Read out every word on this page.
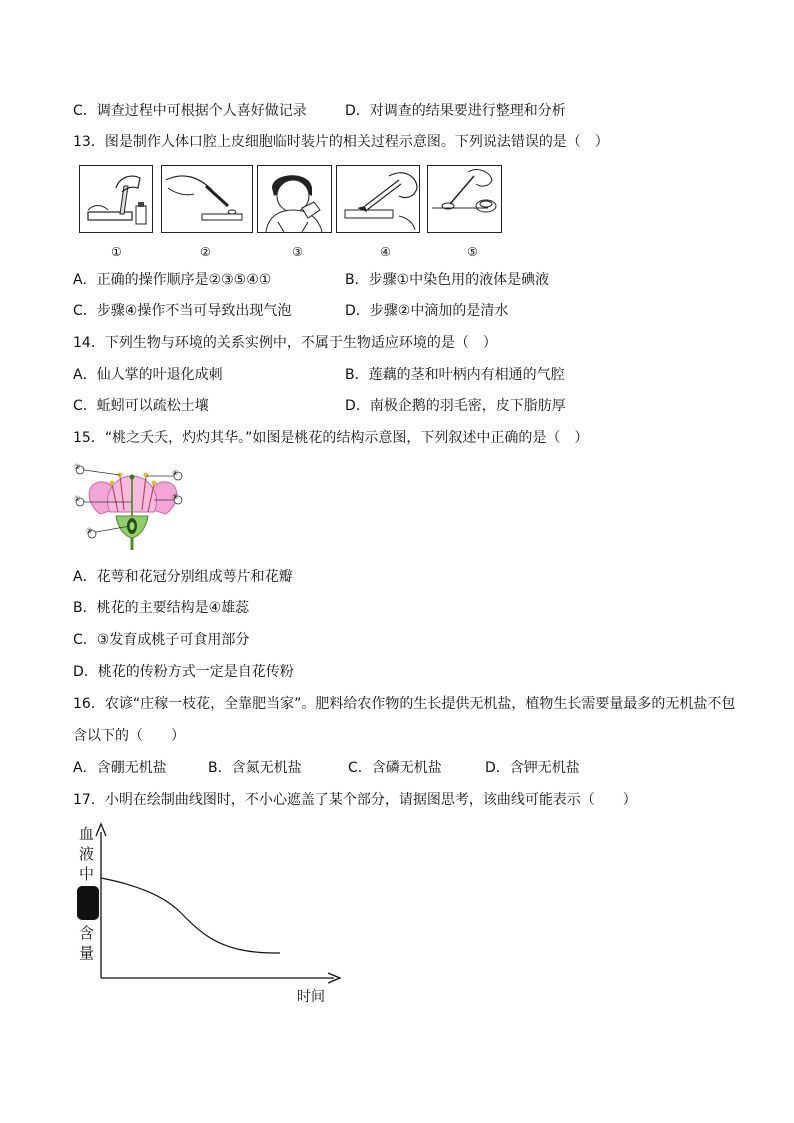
C．调查过程中可根据个人喜好做记录	D．对调查的结果要进行整理和分析
13．图是制作人体口腔上皮细胞临时装片的相关过程示意图。下列说法错误的是（　）
①	②	③	④	⑤
A．正确的操作顺序是②③⑤④①	B．步骤①中染色用的液体是碘液
C．步骤④操作不当可导致出现气泡	D．步骤②中滴加的是清水
14．下列生物与环境的关系实例中，不属于生物适应环境的是（　）
A．仙人掌的叶退化成刺	B．莲藕的茎和叶柄内有相通的气腔
C．蚯蚓可以疏松土壤	D．南极企鹅的羽毛密，皮下脂肪厚
15．“桃之夭夭，灼灼其华。”如图是桃花的结构示意图，下列叙述中正确的是（　）
②
④
①	⑤
③
A．花萼和花冠分别组成萼片和花瓣
B．桃花的主要结构是④雄蕊
C．③发育成桃子可食用部分
D．桃花的传粉方式一定是自花传粉
16．农谚“庄稼一枝花，全靠肥当家”。肥料给农作物的生长提供无机盐，植物生长需要量最多的无机盐不包
含以下的（　　）
A．含硼无机盐	B．含氮无机盐	C．含磷无机盐	D．含钾无机盐
17．小明在绘制曲线图时，不小心遮盖了某个部分，请据图思考，该曲线可能表示（　　）
血
液
中
含
量
时间
